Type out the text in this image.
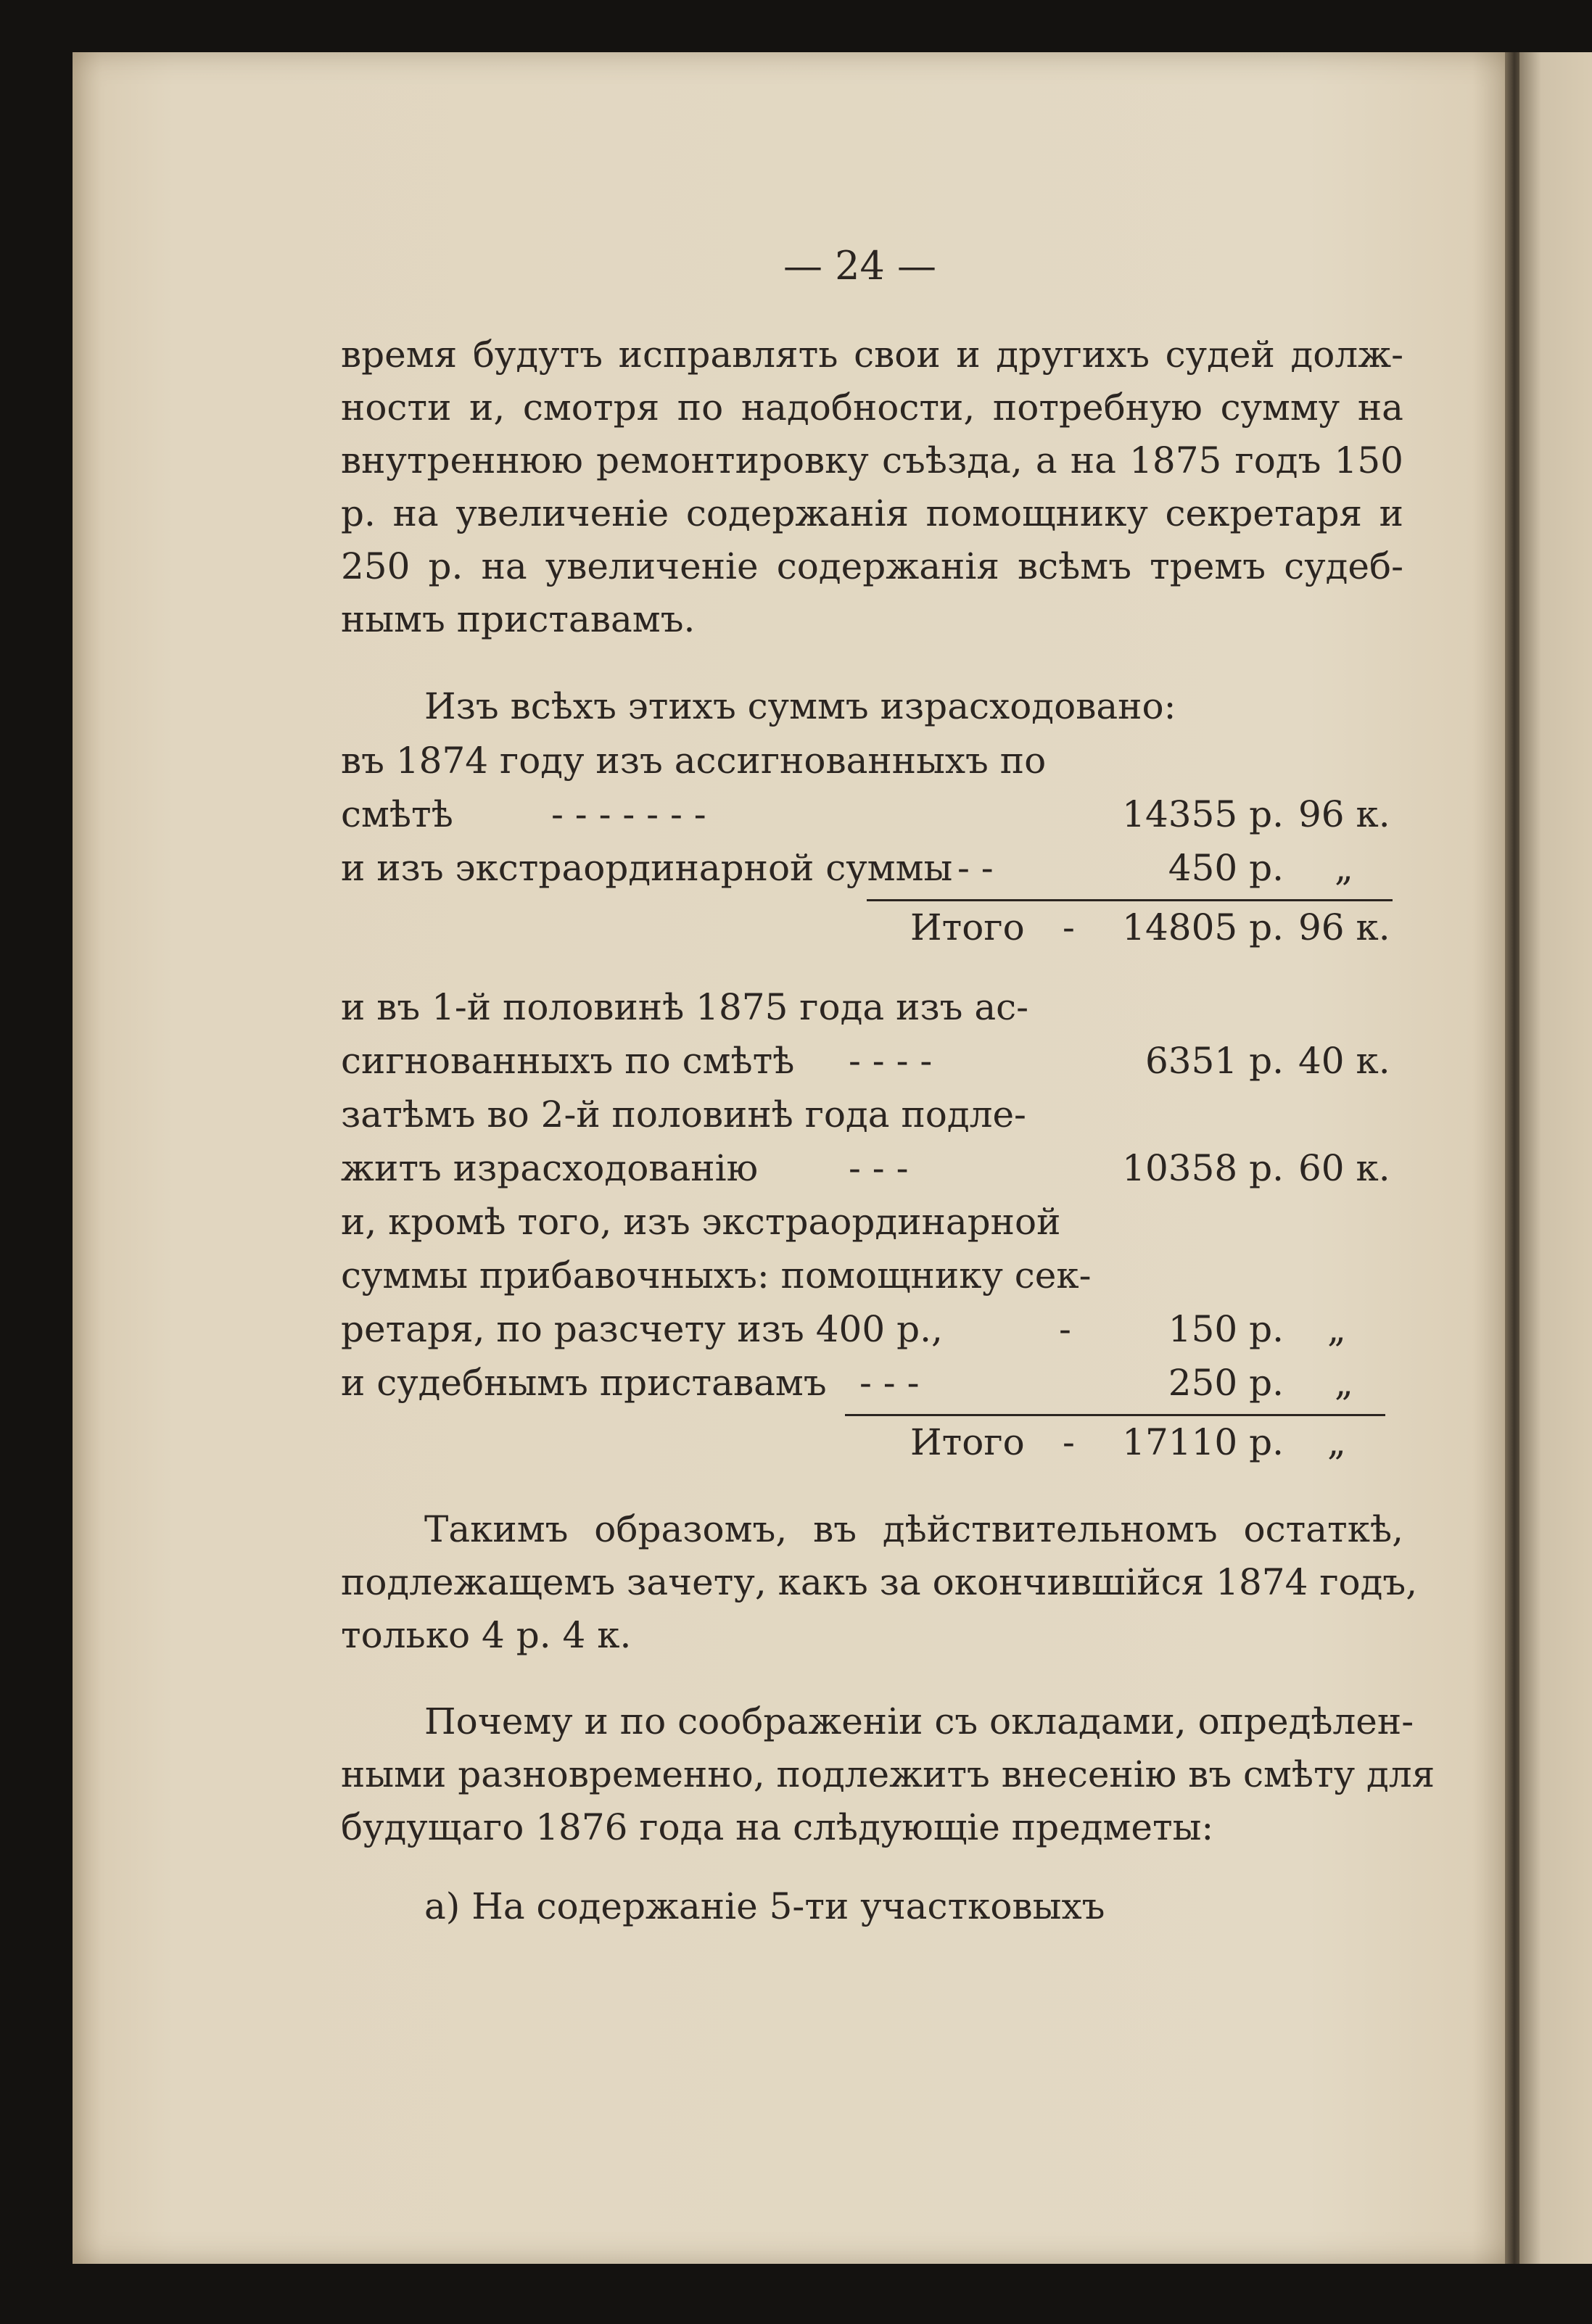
— 24 —
время будутъ исправлять свои и другихъ судей долж-
ности и, смотря по надобности, потребную сумму на
внутреннюю ремонтировку съѣзда, а на 1875 годъ 150
р. на увеличеніе содержанія помощнику секретаря и
250 р. на увеличеніе содержанія всѣмъ тремъ судеб-
нымъ приставамъ.
Изъ всѣхъ этихъ суммъ израсходовано:
въ 1874 году изъ ассигнованныхъ по
смѣтѣ	- - - - - - -	14355 р. 96 к.
и изъ экстраординарной суммы - -	450 р. „
Итого -	14805 р. 96 к.
и въ 1-й половинѣ 1875 года изъ ас-
сигнованныхъ по смѣтѣ - - - -	6351 р. 40 к.
затѣмъ во 2-й половинѣ года подле-
житъ израсходованію - - -	10358 р. 60 к.
и, кромѣ того, изъ экстраординарной
суммы прибавочныхъ: помощнику сек-
ретаря, по разсчету изъ 400 р.,	-	150 р. „
и судебнымъ приставамъ - - -	250 р. „
Итого -	17110 р. „
Такимъ образомъ, въ дѣйствительномъ остаткѣ,
подлежащемъ зачету, какъ за окончившійся 1874 годъ,
только 4 р. 4 к.
Почему и по соображеніи съ окладами, опредѣлен-
ными разновременно, подлежитъ внесенію въ смѣту для
будущаго 1876 года на слѣдующіе предметы:
а) На содержаніе 5-ти участковыхъ
